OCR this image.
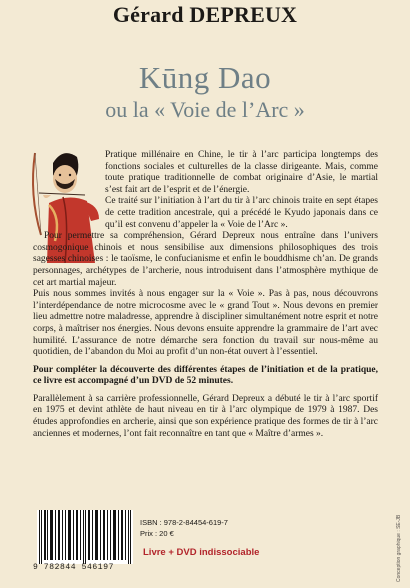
Gérard DEPREUX
Kūng Dao
ou la « Voie de l’Arc »

Pratique millénaire en Chine, le tir à l’arc participa longtemps des fonctions sociales et culturelles de la classe dirigeante. Mais, comme toute pratique traditionnelle de combat originaire d’Asie, le martial s’est fait art de l’esprit et de l’énergie.

Ce traité sur l’initiation à l’art du tir à l’arc chinois traite en sept étapes de cette tradition ancestrale, qui a précédé le Kyudo japonais dans ce qu’il est convenu d’appeler la « Voie de l’Arc ».

Pour permettre sa compréhension, Gérard Depreux nous entraîne dans l’univers cosmogonique chinois et nous sensibilise aux dimensions philosophiques des trois sagesses chinoises : le taoïsme, le confucianisme et enfin le bouddhisme ch’an. De grands personnages, archétypes de l’archerie, nous introduisent dans l’atmosphère mythique de cet art martial majeur.

Puis nous sommes invités à nous engager sur la « Voie ». Pas à pas, nous découvrons l’interdépendance de notre microcosme avec le « grand Tout ». Nous devons en premier lieu admettre notre maladresse, apprendre à discipliner simultanément notre esprit et notre corps, à maîtriser nos énergies. Nous devons ensuite apprendre la grammaire de l’art avec humilité. L’assurance de notre démarche sera fonction du travail sur nous-même au quotidien, de l’abandon du Moi au profit d’un non-état ouvert à l’essentiel.

Pour compléter la découverte des différentes étapes de l’initiation et de la pratique, ce livre est accompagné d’un DVD de 52 minutes.

Parallèlement à sa carrière professionnelle, Gérard Depreux a débuté le tir à l’arc sportif en 1975 et devint athlète de haut niveau en tir à l’arc olympique de 1979 à 1987. Des études approfondies en archerie, ainsi que son expérience pratique des formes de tir à l’arc anciennes et modernes, l’ont fait reconnaître en tant que « Maître d’armes ».

9 782844 546197
ISBN : 978-2-84454-619-7
Prix : 20 €
Livre + DVD indissociable	Conception graphique : SE-JB
